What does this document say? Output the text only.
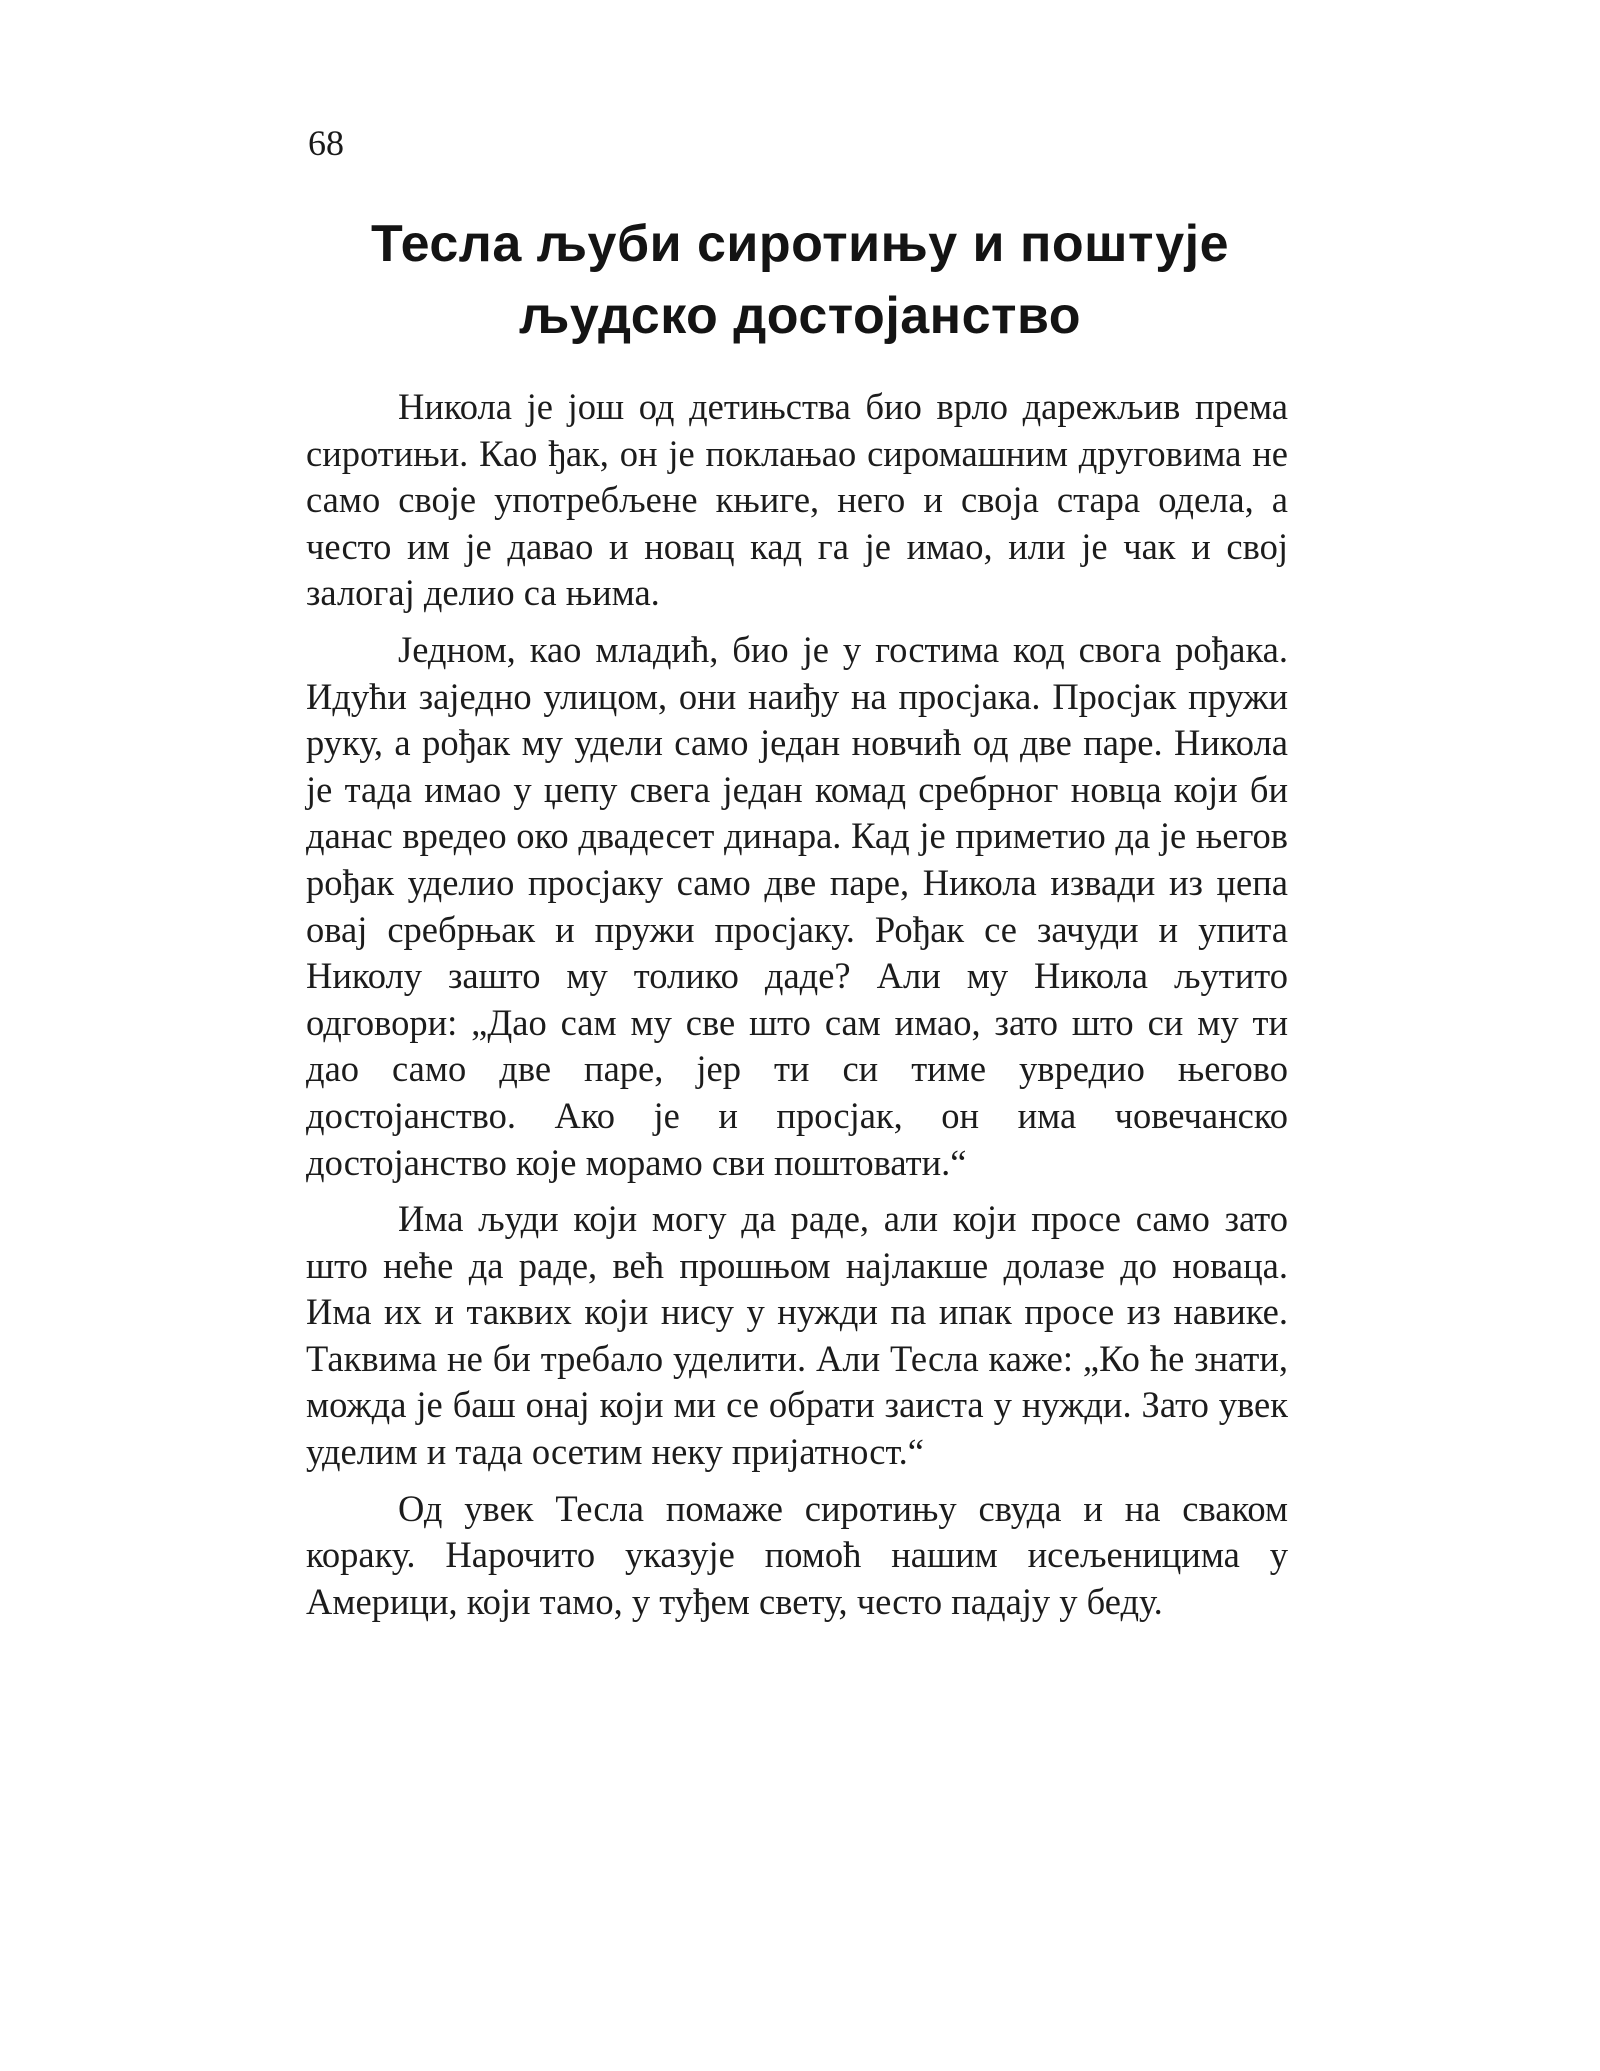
68
Тесла љуби сиротињу и поштује
људско достојанство

Никола је још од детињства био врло дарежљив према сиротињи. Као ђак, он је поклањао сиромашним друговима не само своје употребљене књиге, него и своја стара одела, а често им је давао и новац кад га је имао, или је чак и свој залогај делио са њима.

Једном, као младић, био је у гостима код свога рођака. Идући заједно улицом, они наиђу на просјака. Просјак пружи руку, а рођак му удели само један новчић од две паре. Никола је тада имао у џепу свега један комад сребрног новца који би данас вредео око двадесет динара. Кад је приметио да је његов рођак уделио просјаку само две паре, Никола извади из џепа овај сребрњак и пружи просјаку. Рођак се зачуди и упита Николу зашто му толико даде? Али му Никола љутито одговори: „Дао сам му све што сам имао, зато што си му ти дао само две паре, јер ти си тиме увредио његово достојанство. Ако је и просјак, он има човечанско достојанство које морамо сви поштовати.“

Има људи који могу да раде, али који просе само зато што неће да раде, већ прошњом најлакше долазе до новаца. Има их и таквих који нису у нужди па ипак просе из навике. Таквима не би требало уделити. Али Тесла каже: „Ко ће знати, можда је баш онај који ми се обрати заиста у нужди. Зато увек уделим и тада осетим неку пријатност.“

Од увек Тесла помаже сиротињу свуда и на сваком кораку. Нарочито указује помоћ нашим исељеницима у Америци, који тамо, у туђем свету, често падају у беду.
